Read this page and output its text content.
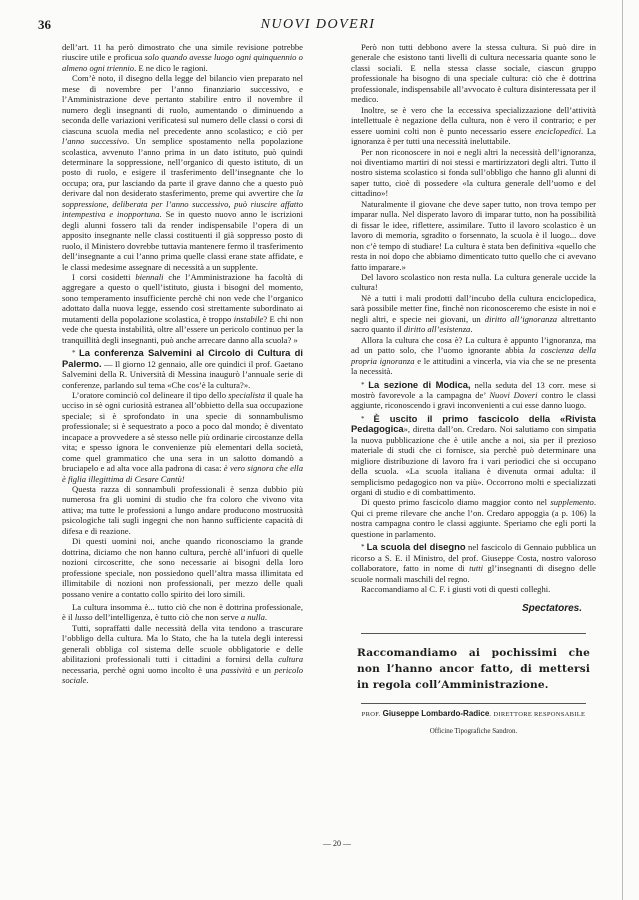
36	NUOVI DOVERI

dell’art. 11 ha però dimostrato che una simile revisione potrebbe riuscire utile e proficua solo quando avesse luogo ogni quinquennio o almeno ogni triennio. E ne dico le ragioni.

Com’è noto, il disegno della legge del bilancio vien preparato nel mese di novembre per l’anno finanziario successivo, e l’Amministrazione deve pertanto stabilire entro il novembre il numero degli insegnanti di ruolo, aumentando o diminuendo a seconda delle variazioni verificatesi sul numero delle classi o corsi di ciascuna scuola media nel precedente anno scolastico; e ciò per l’anno successivo. Un semplice spostamento nella popolazione scolastica, avvenuto l’anno prima in un dato istituto, può quindi determinare la soppressione, nell’organico di questo istituto, di un posto di ruolo, e esigere il trasferimento dell’insegnante che lo occupa; ora, pur lasciando da parte il grave danno che a questo può derivare dal non desiderato stasferimento, preme qui avvertire che la soppressione, deliberata per l’anno successivo, può riuscire affatto intempestiva e inopportuna. Se in questo nuovo anno le iscrizioni degli alunni fossero tali da render indispensabile l’opera di un apposito insegnante nelle classi costituenti il già soppresso posto di ruolo, il Ministero dovrebbe tuttavia mantenere fermo il trasferimento dell’insegnante a cui l’anno prima quelle classi erane state affidate, e le classi medesime assegnare di necessità a un supplente.

I corsi cosidetti biennali che l’Amministrazione ha facoltà di aggregare a questo o quell’istituto, giusta i bisogni del momento, sono temperamento insufficiente perchè chi non vede che l’organico adottato dalla nuova legge, essendo così strettamente subordinato ai mutamenti della popolazione scolastica, è troppo instabile? E chi non vede che questa instabilità, oltre all’essere un pericolo continuo per la tranquillità degli insegnanti, può anche arrecare danno alla scuola? »

* La conferenza Salvemini al Circolo di Cultura di Palermo. — Il giorno 12 gennaio, alle ore quindici il prof. Gaetano Salvemini della R. Università di Messina inaugurò l’annuale serie di conferenze, parlando sul tema «Che cos’è la cultura?».

L’oratore cominciò col delineare il tipo dello specialista il quale ha ucciso in sè ogni curiosità estranea all’obbietto della sua occupazione speciale; si è sprofondato in una specie di sonnambulismo professionale; si è sequestrato a poco a poco dal mondo; è diventato incapace a provvedere a sè stesso nelle più ordinarie circostanze della vita; e spesso ignora le convenienze più elementari della società, come quel grammatico che una sera in un salotto domandò a bruciapelo e ad alta voce alla padrona di casa: è vero signora che ella è figlia illegittima di Cesare Cantù!

Questa razza di sonnambuli professionali è senza dubbio più numerosa fra gli uomini di studio che fra coloro che vivono vita attiva; ma tutte le professioni a lungo andare producono mostruosità psicologiche tali sugli ingegni che non hanno sufficiente capacità di difesa e di reazione.

Di questi uomini noi, anche quando riconosciamo la grande dottrina, diciamo che non hanno cultura, perchè all’infuori di quelle nozioni circoscritte, che sono necessarie ai bisogni della loro professione speciale, non possiedono quell’altra massa illimitata ed illimitabile di nozioni non professionali, per mezzo delle quali possano venire a contatto collo spirito dei loro simili.

La cultura insomma è... tutto ciò che non è dottrina professionale, è il lusso dell’intelligenza, è tutto ciò che non serve a nulla.

Tutti, sopraffatti dalle necessità della vita tendono a trascurare l’obbligo della cultura. Ma lo Stato, che ha la tutela degli interessi generali obbliga col sistema delle scuole obbligatorie e delle abilitazioni professionali tutti i cittadini a fornirsi della cultura necessaria, perchè ogni uomo incolto è una passività e un pericolo sociale.

Però non tutti debbono avere la stessa cultura. Si può dire in generale che esistono tanti livelli di cultura necessaria quante sono le classi sociali. E nella stessa classe sociale, ciascun gruppo professionale ha bisogno di una speciale cultura: ciò che è dottrina professionale, indispensabile all’avvocato è cultura disinteressata per il medico.

Inoltre, se è vero che la eccessiva specializzazione dell’attività intellettuale è negazione della cultura, non è vero il contrario; e per essere uomini colti non è punto necessario essere enciclopedici. La ignoranza è per tutti una necessità ineluttabile.

Per non riconoscere in noi e negli altri la necessità dell’ignoranza, noi diventiamo martiri di noi stessi e martirizzatori degli altri. Tutto il nostro sistema scolastico si fonda sull’obbligo che hanno gli alunni di saper tutto, cioè di possedere «la cultura generale dell’uomo e del cittadino»!

Naturalmente il giovane che deve saper tutto, non trova tempo per imparar nulla. Nel disperato lavoro di imparar tutto, non ha possibilità di fissar le idee, riflettere, assimilare. Tutto il lavoro scolastico è un lavoro di memoria, sgradito o forsennato, la scuola è il luogo... dove non c’è tempo di studiare! La cultura è stata ben definitiva «quello che resta in noi dopo che abbiamo dimenticato tutto quello che ci avevano fatto imparare.»

Del lavoro scolastico non resta nulla. La cultura generale uccide la cultura!

Nè a tutti i mali prodotti dall’incubo della cultura enciclopedica, sarà possibile metter fine, finchè non riconosceremo che esiste in noi e negli altri, e specie nei giovani, un diritto all’ignoranza altrettanto sacro quanto il diritto all’esistenza.

Allora la cultura che cosa è? La cultura è appunto l’ignoranza, ma ad un patto solo, che l’uomo ignorante abbia la coscienza della propria ignoranza e le attitudini a vincerla, via via che se ne presenta la necessità.

* La sezione di Modica, nella seduta del 13 corr. mese si mostrò favorevole a la campagna de’ Nuovi Doveri contro le classi aggiunte, riconoscendo i gravi inconvenienti a cui esse danno luogo.

* È uscito il primo fascicolo della «Rivista Pedagogica», diretta dall’on. Credaro. Noi salutiamo con simpatia la nuova pubblicazione che è utile anche a noi, sia per il prezioso materiale di studi che ci fornisce, sia perchè può determinare una migliore distribuzione di lavoro fra i vari periodici che si occupano della scuola. «La scuola italiana è divenuta ormai adulta: il semplicismo pedagogico non va più». Occorrono molti e specializzati organi di studio e di combattimento.

Di questo primo fascicolo diamo maggior conto nel supplemento. Qui ci preme rilevare che anche l’on. Credaro appoggia (a p. 106) la nostra campagna contro le classi aggiunte. Speriamo che egli porti la questione in parlamento.

* La scuola del disegno nel fascicolo di Gennaio pubblica un ricorso a S. E. il Ministro, del prof. Giuseppe Costa, nostro valoroso collaboratore, fatto in nome di tutti gl’insegnanti di disegno delle scuole normali maschili del regno.

Raccomandiamo al C. F. i giusti voti di questi colleghi.

Spectatores.
Raccomandiamo ai pochissimi che non l’hanno ancor fatto, di mettersi in regola coll’Amministrazione.
PROF. Giuseppe Lombardo-Radice. DIRETTORE RESPONSABILE
Officine Tipografiche Sandron.
— 20 —
